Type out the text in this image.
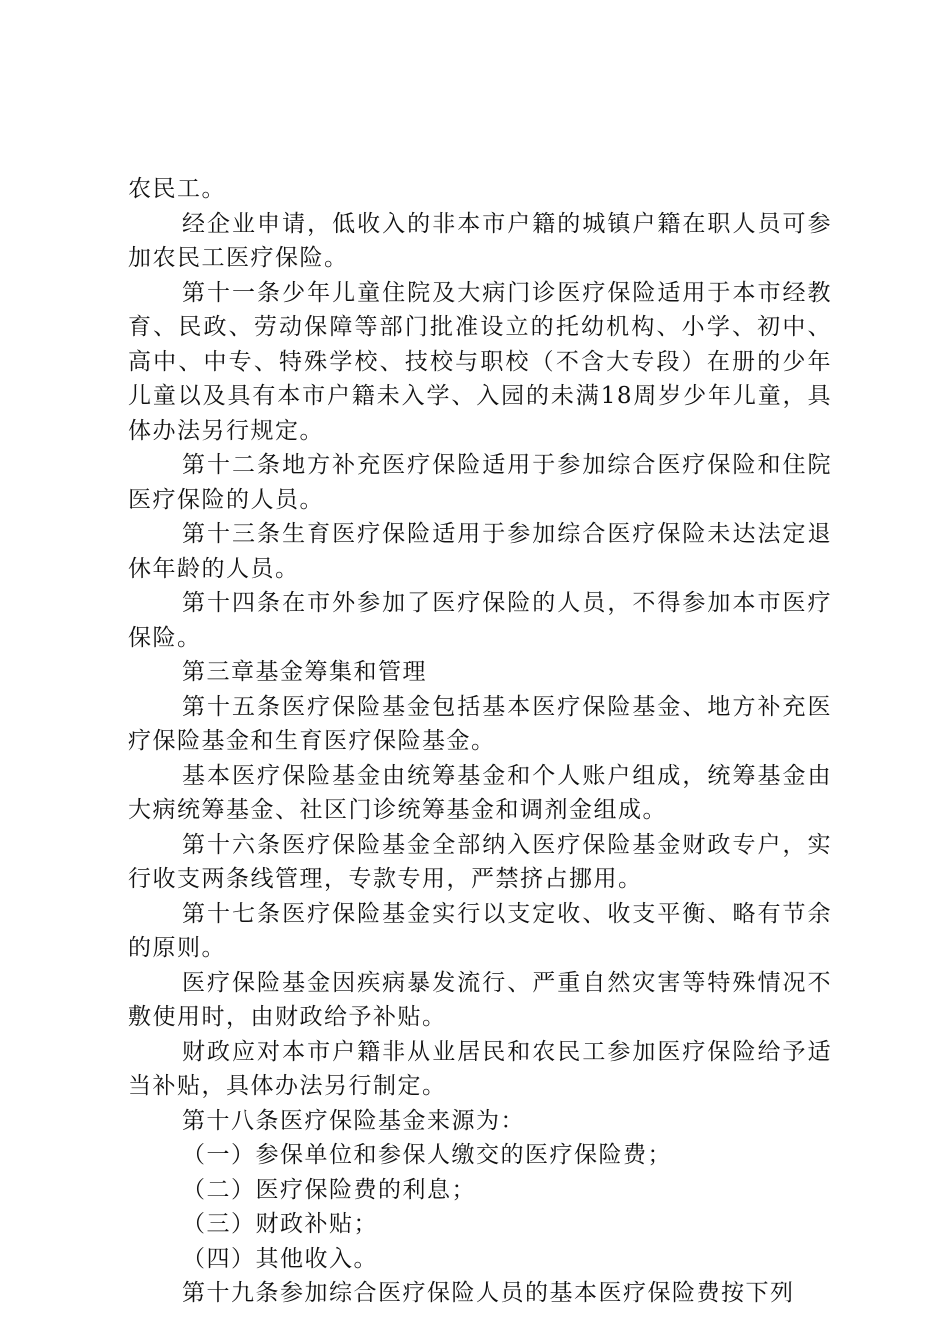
农民工。

经企业申请，低收入的非本市户籍的城镇户籍在职人员可参加农民工医疗保险。

第十一条少年儿童住院及大病门诊医疗保险适用于本市经教育、民政、劳动保障等部门批准设立的托幼机构、小学、初中、高中、中专、特殊学校、技校与职校（不含大专段）在册的少年儿童以及具有本市户籍未入学、入园的未满18周岁少年儿童，具体办法另行规定。

第十二条地方补充医疗保险适用于参加综合医疗保险和住院医疗保险的人员。

第十三条生育医疗保险适用于参加综合医疗保险未达法定退休年龄的人员。

第十四条在市外参加了医疗保险的人员，不得参加本市医疗保险。

第三章基金筹集和管理

第十五条医疗保险基金包括基本医疗保险基金、地方补充医疗保险基金和生育医疗保险基金。

基本医疗保险基金由统筹基金和个人账户组成，统筹基金由大病统筹基金、社区门诊统筹基金和调剂金组成。

第十六条医疗保险基金全部纳入医疗保险基金财政专户，实行收支两条线管理，专款专用，严禁挤占挪用。

第十七条医疗保险基金实行以支定收、收支平衡、略有节余的原则。

医疗保险基金因疾病暴发流行、严重自然灾害等特殊情况不敷使用时，由财政给予补贴。

财政应对本市户籍非从业居民和农民工参加医疗保险给予适当补贴，具体办法另行制定。

第十八条医疗保险基金来源为：

（一）参保单位和参保人缴交的医疗保险费；

（二）医疗保险费的利息；

（三）财政补贴；

（四）其他收入。

第十九条参加综合医疗保险人员的基本医疗保险费按下列
